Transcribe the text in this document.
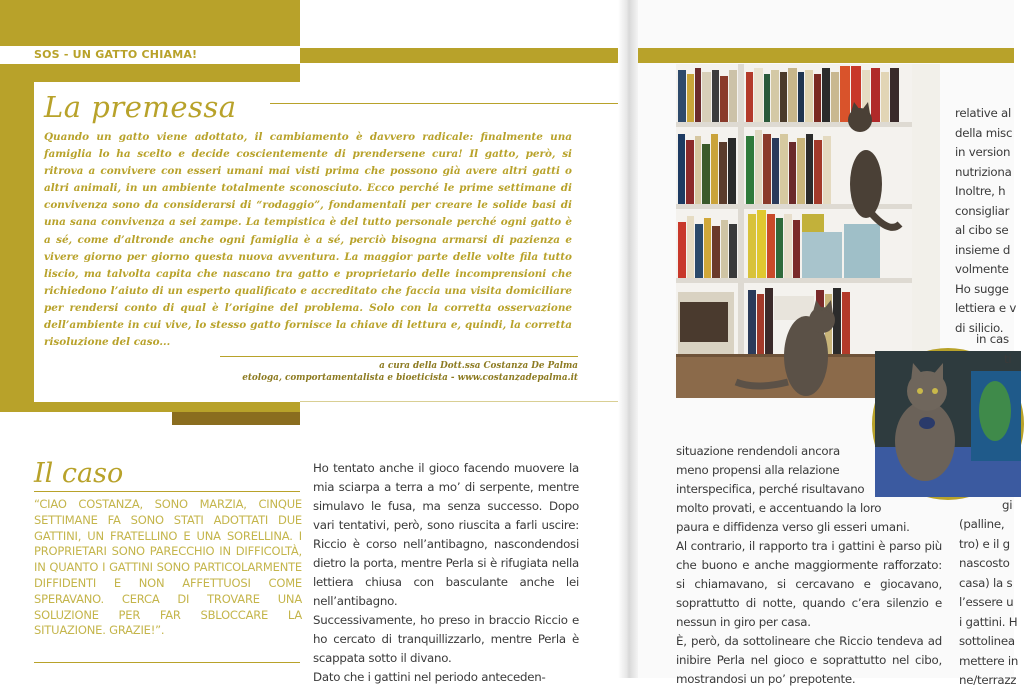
SOS - UN GATTO CHIAMA!
La premessa
Quando un gatto viene adottato, il cambiamento è davvero radicale: finalmente una famiglia lo ha scelto e decide coscientemente di prendersene cura! Il gatto, però, si ritrova a convivere con esseri umani mai visti prima che possono già avere altri gatti o altri animali, in un ambiente totalmente sconosciuto. Ecco perché le prime settimane di convivenza sono da considerarsi di “rodaggio”, fondamentali per creare le solide basi di una sana convivenza a sei zampe. La tempistica è del tutto personale perché ogni gatto è a sé, come d’altronde anche ogni famiglia è a sé, perciò bisogna armarsi di pazienza e vivere giorno per giorno questa nuova avventura. La maggior parte delle volte fila tutto liscio, ma talvolta capita che nascano tra gatto e proprietario delle incomprensioni che richiedono l’aiuto di un esperto qualificato e accreditato che faccia una visita domiciliare per rendersi conto di qual è l’origine del problema. Solo con la corretta osservazione dell’ambiente in cui vive, lo stesso gatto fornisce la chiave di lettura e, quindi, la corretta risoluzione del caso...
a cura della Dott.ssa Costanza De Palma
etologa, comportamentalista e bioeticista - www.costanzadepalma.it
Il caso
“CIAO COSTANZA, SONO MARZIA, CINQUE SETTIMANE FA SONO STATI ADOTTATI DUE GATTINI, UN FRATELLINO E UNA SORELLINA. I PROPRIETARI SONO PARECCHIO IN DIFFICOLTÀ, IN QUANTO I GATTINI SONO PARTICOLARMENTE DIFFIDENTI E NON AFFETTUOSI COME SPERAVANO. CERCA DI TROVARE UNA SOLUZIONE PER FAR SBLOCCARE LA SITUAZIONE. GRAZIE!”.

Ho tentato anche il gioco facendo muovere la mia sciarpa a terra a mo’ di serpente, mentre simulavo le fusa, ma senza successo. Dopo vari tentativi, però, sono riuscita a farli uscire: Riccio è corso nell’antibagno, nascondendosi dietro la porta, mentre Perla si è rifugiata nella lettiera chiusa con basculante anche lei nell’antibagno.

Successivamente, ho preso in braccio Riccio e ho cercato di tranquillizzarlo, mentre Perla è scappata sotto il divano.

Dato che i gattini nel periodo anteceden-

situazione rendendoli ancora

meno propensi alla relazione

interspecifica, perché risultavano

molto provati, e accentuando la loro

paura e diffidenza verso gli esseri umani.

Al contrario, il rapporto tra i gattini è parso più che buono e anche maggiormente rafforzato: si chiamavano, si cercavano e giocavano, soprattutto di notte, quando c’era silenzio e nessun in giro per casa.

È, però, da sottolineare che Riccio tendeva ad inibire Perla nel gioco e soprattutto nel cibo, mostrandosi un po’ prepotente.

relative al
della misc
in version
nutriziona
Inoltre, h
consigliar
al cibo se
insieme d
volmente
Ho sugge
lettiera e v
di silicio.
in cas
ti
gi
(palline,
tro) e il g
nascosto
casa) la s
l’essere u
i gattini. H
sottolinea
mettere in
ne/terrazz
